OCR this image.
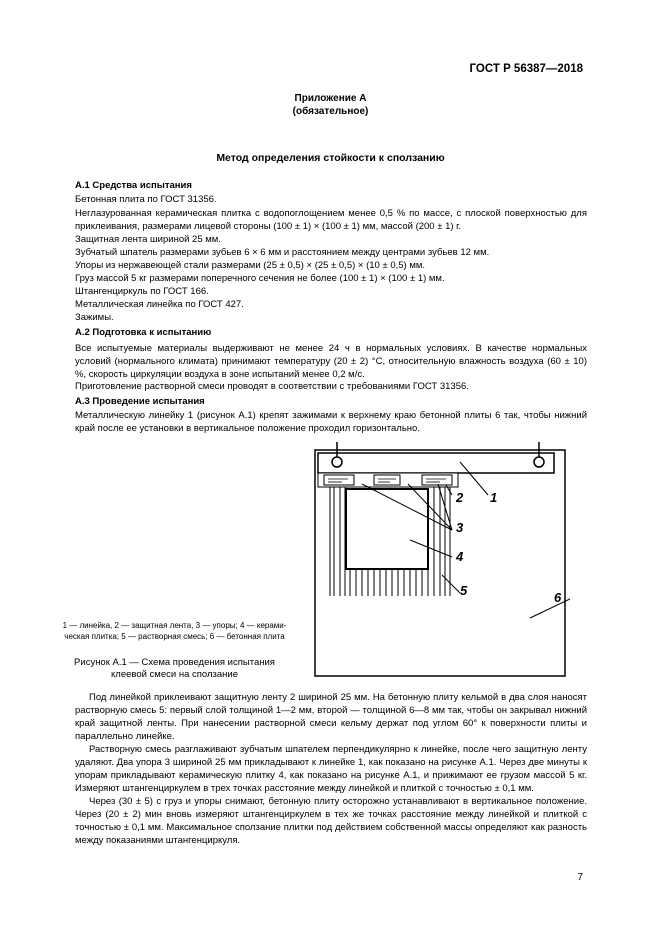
ГОСТ Р 56387—2018
Приложение А
(обязательное)
Метод определения стойкости к сползанию
А.1 Средства испытания
Бетонная плита по ГОСТ 31356.
Неглазурованная керамическая плитка с водопоглощением менее 0,5 % по массе, с плоской поверхностью для приклеивания, размерами лицевой стороны (100 ± 1) × (100 ± 1) мм, массой (200 ± 1) г.
Защитная лента шириной 25 мм.
Зубчатый шпатель размерами зубьев 6 × 6 мм и расстоянием между центрами зубьев 12 мм.
Упоры из нержавеющей стали размерами (25 ± 0,5) × (25 ± 0,5) × (10 ± 0,5) мм.
Груз массой 5 кг размерами поперечного сечения не более (100 ± 1) × (100 ± 1) мм.
Штангенциркуль по ГОСТ 166.
Металлическая линейка по ГОСТ 427.
Зажимы.
А.2 Подготовка к испытанию
Все испытуемые материалы выдерживают не менее 24 ч в нормальных условиях. В качестве нормальных условий (нормального климата) принимают температуру (20 ± 2) °С, относительную влажность воздуха (60 ± 10) %, скорость циркуляции воздуха в зоне испытаний менее 0,2 м/с.
Приготовление растворной смеси проводят в соответствии с требованиями ГОСТ 31356.
А.3 Проведение испытания
Металлическую линейку 1 (рисунок А.1) крепят зажимами к верхнему краю бетонной плиты 6 так, чтобы нижний край после ее установки в вертикальное положение проходил горизонтально.
1
2
3
4
5	6
1 — линейка, 2 — защитная лента, 3 — упоры; 4 — керами-
ческая плитка; 5 — растворная смесь; 6 — бетонная плита
Рисунок А.1 — Схема проведения испытания
клеевой смеси на сползание
Под линейкой приклеивают защитную ленту 2 шириной 25 мм. На бетонную плиту кельмой в два слоя наносят растворную смесь 5: первый слой толщиной 1—2 мм, второй — толщиной 6—8 мм так, чтобы он закрывал нижний край защитной ленты. При нанесении растворной смеси кельму держат под углом 60° к поверхности плиты и параллельно линейке.
Растворную смесь разглаживают зубчатым шпателем перпендикулярно к линейке, после чего защитную ленту удаляют. Два упора 3 шириной 25 мм прикладывают к линейке 1, как показано на рисунке А.1. Через две минуты к упорам прикладывают керамическую плитку 4, как показано на рисунке А.1, и прижимают ее грузом массой 5 кг. Измеряют штангенциркулем в трех точках расстояние между линейкой и плиткой с точностью ± 0,1 мм.
Через (30 ± 5) с груз и упоры снимают, бетонную плиту осторожно устанавливают в вертикальное положение. Через (20 ± 2) мин вновь измеряют штангенциркулем в тех же точках расстояние между линейкой и плиткой с точностью ± 0,1 мм. Максимальное сползание плитки под действием собственной массы определяют как разность между показаниями штангенциркуля.
7
